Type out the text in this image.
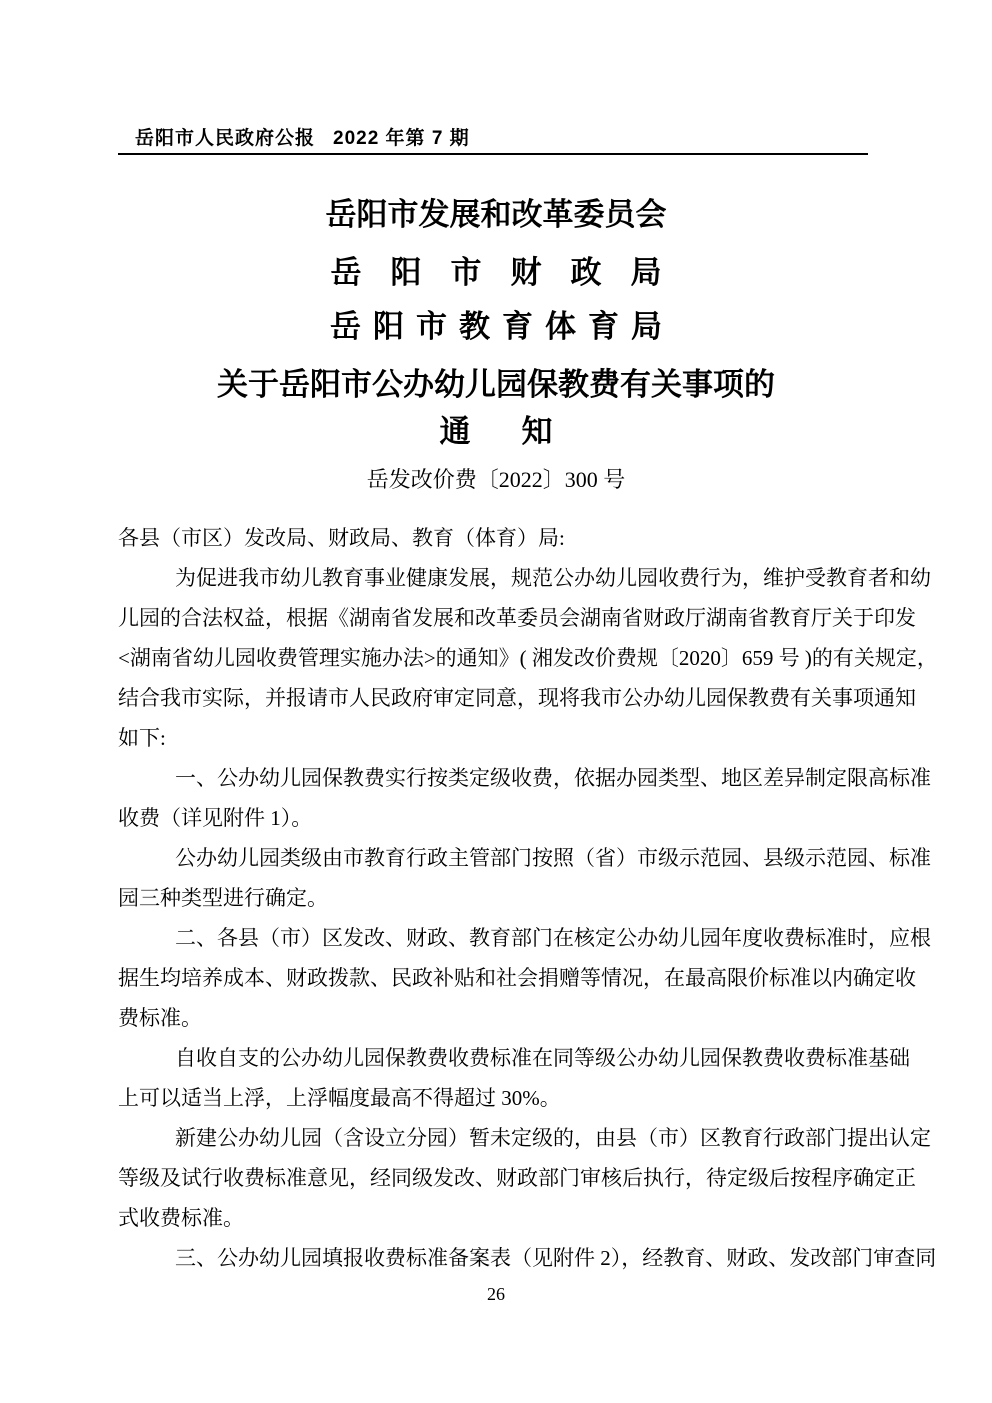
岳阳市人民政府公报 2022 年第 7 期
岳阳市发展和改革委员会
岳阳市财政局
岳阳市教育体育局
关于岳阳市公办幼儿园保教费有关事项的
通　知
岳发改价费〔2022〕300 号
各县（市区）发改局、财政局、教育（体育）局:
为促进我市幼儿教育事业健康发展，规范公办幼儿园收费行为，维护受教育者和幼
儿园的合法权益，根据《湖南省发展和改革委员会湖南省财政厅湖南省教育厅关于印发
<湖南省幼儿园收费管理实施办法>的通知》( 湘发改价费规〔2020〕659 号 )的有关规定，
结合我市实际，并报请市人民政府审定同意，现将我市公办幼儿园保教费有关事项通知
如下:
一、公办幼儿园保教费实行按类定级收费，依据办园类型、地区差异制定限高标准
收费（详见附件 1）。
公办幼儿园类级由市教育行政主管部门按照（省）市级示范园、县级示范园、标准
园三种类型进行确定。
二、各县（市）区发改、财政、教育部门在核定公办幼儿园年度收费标准时，应根
据生均培养成本、财政拨款、民政补贴和社会捐赠等情况，在最高限价标准以内确定收
费标准。
自收自支的公办幼儿园保教费收费标准在同等级公办幼儿园保教费收费标准基础
上可以适当上浮，上浮幅度最高不得超过 30%。
新建公办幼儿园（含设立分园）暂未定级的，由县（市）区教育行政部门提出认定
等级及试行收费标准意见，经同级发改、财政部门审核后执行，待定级后按程序确定正
式收费标准。
三、公办幼儿园填报收费标准备案表（见附件 2），经教育、财政、发改部门审查同
26
